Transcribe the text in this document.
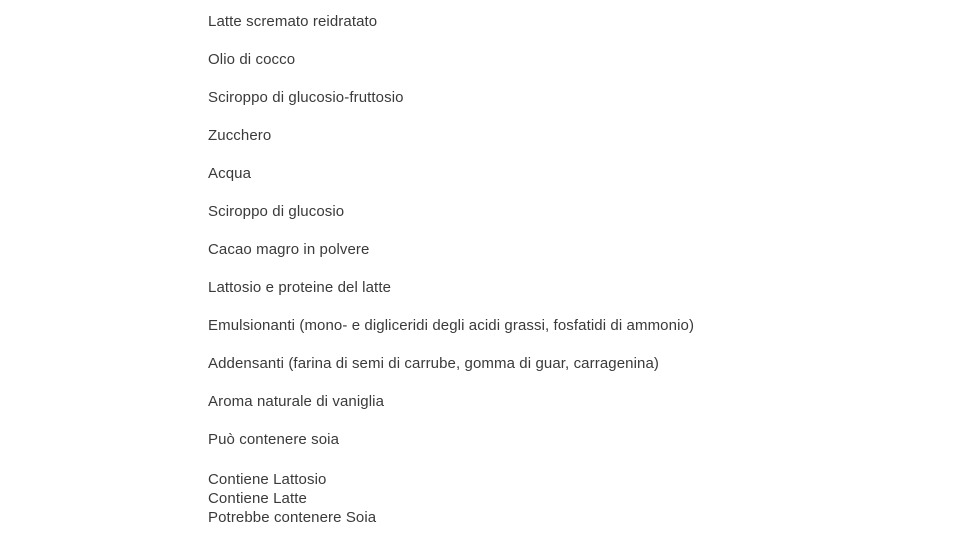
Latte scremato reidratato
Olio di cocco
Sciroppo di glucosio-fruttosio
Zucchero
Acqua
Sciroppo di glucosio
Cacao magro in polvere
Lattosio e proteine del latte
Emulsionanti (mono- e digliceridi degli acidi grassi, fosfatidi di ammonio)
Addensanti (farina di semi di carrube, gomma di guar, carragenina)
Aroma naturale di vaniglia
Può contenere soia
Contiene Lattosio
Contiene Latte
Potrebbe contenere Soia
